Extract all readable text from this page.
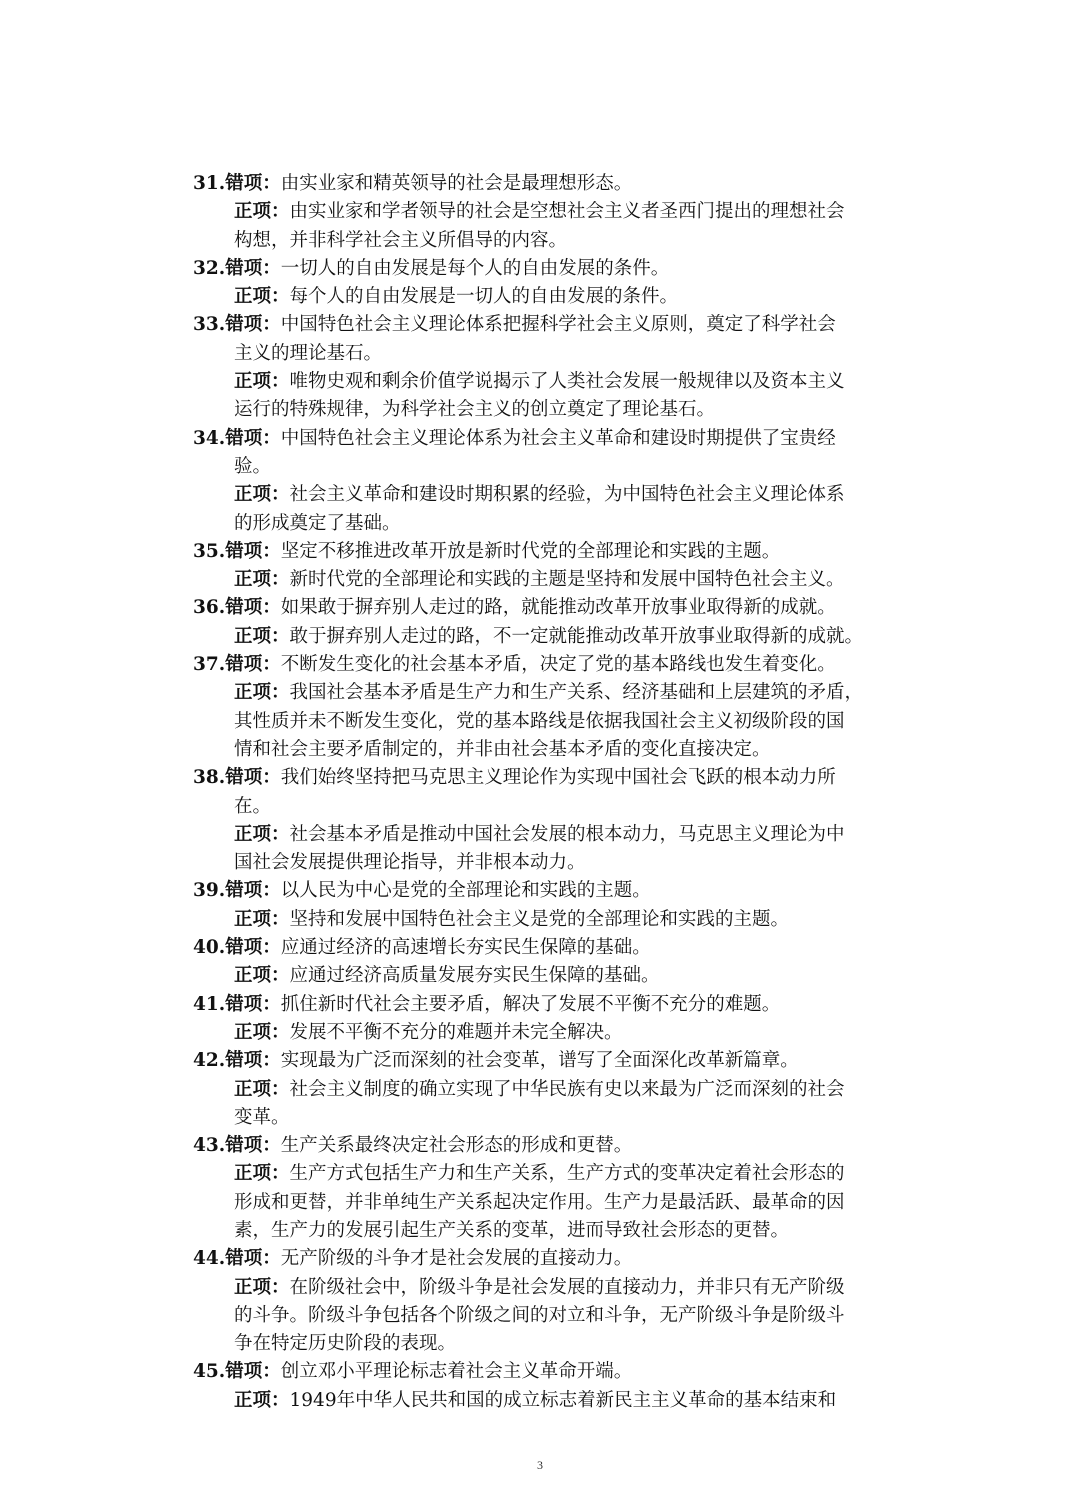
31.错项：由实业家和精英领导的社会是最理想形态。
正项：由实业家和学者领导的社会是空想社会主义者圣西门提出的理想社会
构想，并非科学社会主义所倡导的内容。
32.错项：一切人的自由发展是每个人的自由发展的条件。
正项：每个人的自由发展是一切人的自由发展的条件。
33.错项：中国特色社会主义理论体系把握科学社会主义原则，奠定了科学社会
主义的理论基石。
正项：唯物史观和剩余价值学说揭示了人类社会发展一般规律以及资本主义
运行的特殊规律，为科学社会主义的创立奠定了理论基石。
34.错项：中国特色社会主义理论体系为社会主义革命和建设时期提供了宝贵经
验。
正项：社会主义革命和建设时期积累的经验，为中国特色社会主义理论体系
的形成奠定了基础。
35.错项：坚定不移推进改革开放是新时代党的全部理论和实践的主题。
正项：新时代党的全部理论和实践的主题是坚持和发展中国特色社会主义。
36.错项：如果敢于摒弃别人走过的路，就能推动改革开放事业取得新的成就。
正项：敢于摒弃别人走过的路，不一定就能推动改革开放事业取得新的成就。
37.错项：不断发生变化的社会基本矛盾，决定了党的基本路线也发生着变化。
正项：我国社会基本矛盾是生产力和生产关系、经济基础和上层建筑的矛盾，
其性质并未不断发生变化，党的基本路线是依据我国社会主义初级阶段的国
情和社会主要矛盾制定的，并非由社会基本矛盾的变化直接决定。
38.错项：我们始终坚持把马克思主义理论作为实现中国社会飞跃的根本动力所
在。
正项：社会基本矛盾是推动中国社会发展的根本动力，马克思主义理论为中
国社会发展提供理论指导，并非根本动力。
39.错项：以人民为中心是党的全部理论和实践的主题。
正项：坚持和发展中国特色社会主义是党的全部理论和实践的主题。
40.错项：应通过经济的高速增长夯实民生保障的基础。
正项：应通过经济高质量发展夯实民生保障的基础。
41.错项：抓住新时代社会主要矛盾，解决了发展不平衡不充分的难题。
正项：发展不平衡不充分的难题并未完全解决。
42.错项：实现最为广泛而深刻的社会变革，谱写了全面深化改革新篇章。
正项：社会主义制度的确立实现了中华民族有史以来最为广泛而深刻的社会
变革。
43.错项：生产关系最终决定社会形态的形成和更替。
正项：生产方式包括生产力和生产关系，生产方式的变革决定着社会形态的
形成和更替，并非单纯生产关系起决定作用。生产力是最活跃、最革命的因
素，生产力的发展引起生产关系的变革，进而导致社会形态的更替。
44.错项：无产阶级的斗争才是社会发展的直接动力。
正项：在阶级社会中，阶级斗争是社会发展的直接动力，并非只有无产阶级
的斗争。阶级斗争包括各个阶级之间的对立和斗争，无产阶级斗争是阶级斗
争在特定历史阶段的表现。
45.错项：创立邓小平理论标志着社会主义革命开端。
正项：1949年中华人民共和国的成立标志着新民主主义革命的基本结束和
3
